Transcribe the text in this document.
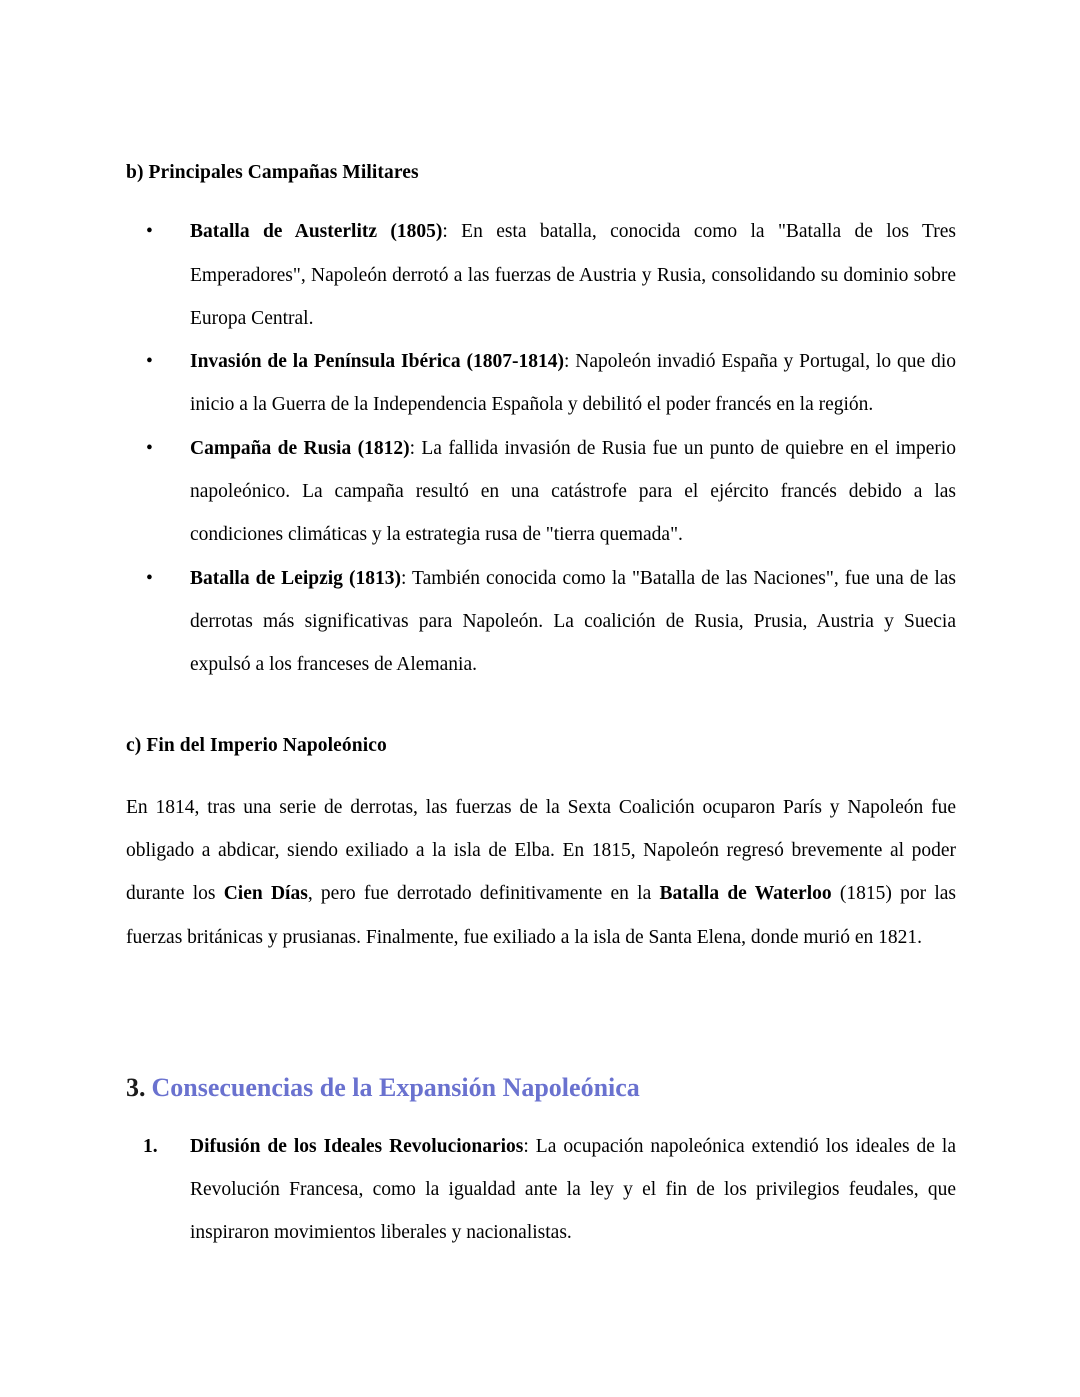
b) Principales Campañas Militares
• Batalla de Austerlitz (1805): En esta batalla, conocida como la "Batalla de los Tres Emperadores", Napoleón derrotó a las fuerzas de Austria y Rusia, consolidando su dominio sobre Europa Central.
• Invasión de la Península Ibérica (1807-1814): Napoleón invadió España y Portugal, lo que dio inicio a la Guerra de la Independencia Española y debilitó el poder francés en la región.
• Campaña de Rusia (1812): La fallida invasión de Rusia fue un punto de quiebre en el imperio napoleónico. La campaña resultó en una catástrofe para el ejército francés debido a las condiciones climáticas y la estrategia rusa de "tierra quemada".
• Batalla de Leipzig (1813): También conocida como la "Batalla de las Naciones", fue una de las derrotas más significativas para Napoleón. La coalición de Rusia, Prusia, Austria y Suecia expulsó a los franceses de Alemania.
c) Fin del Imperio Napoleónico

En 1814, tras una serie de derrotas, las fuerzas de la Sexta Coalición ocuparon París y Napoleón fue obligado a abdicar, siendo exiliado a la isla de Elba. En 1815, Napoleón regresó brevemente al poder durante los Cien Días, pero fue derrotado definitivamente en la Batalla de Waterloo (1815) por las fuerzas británicas y prusianas. Finalmente, fue exiliado a la isla de Santa Elena, donde murió en 1821.

3. Consecuencias de la Expansión Napoleónica
1. Difusión de los Ideales Revolucionarios: La ocupación napoleónica extendió los ideales de la Revolución Francesa, como la igualdad ante la ley y el fin de los privilegios feudales, que inspiraron movimientos liberales y nacionalistas.
